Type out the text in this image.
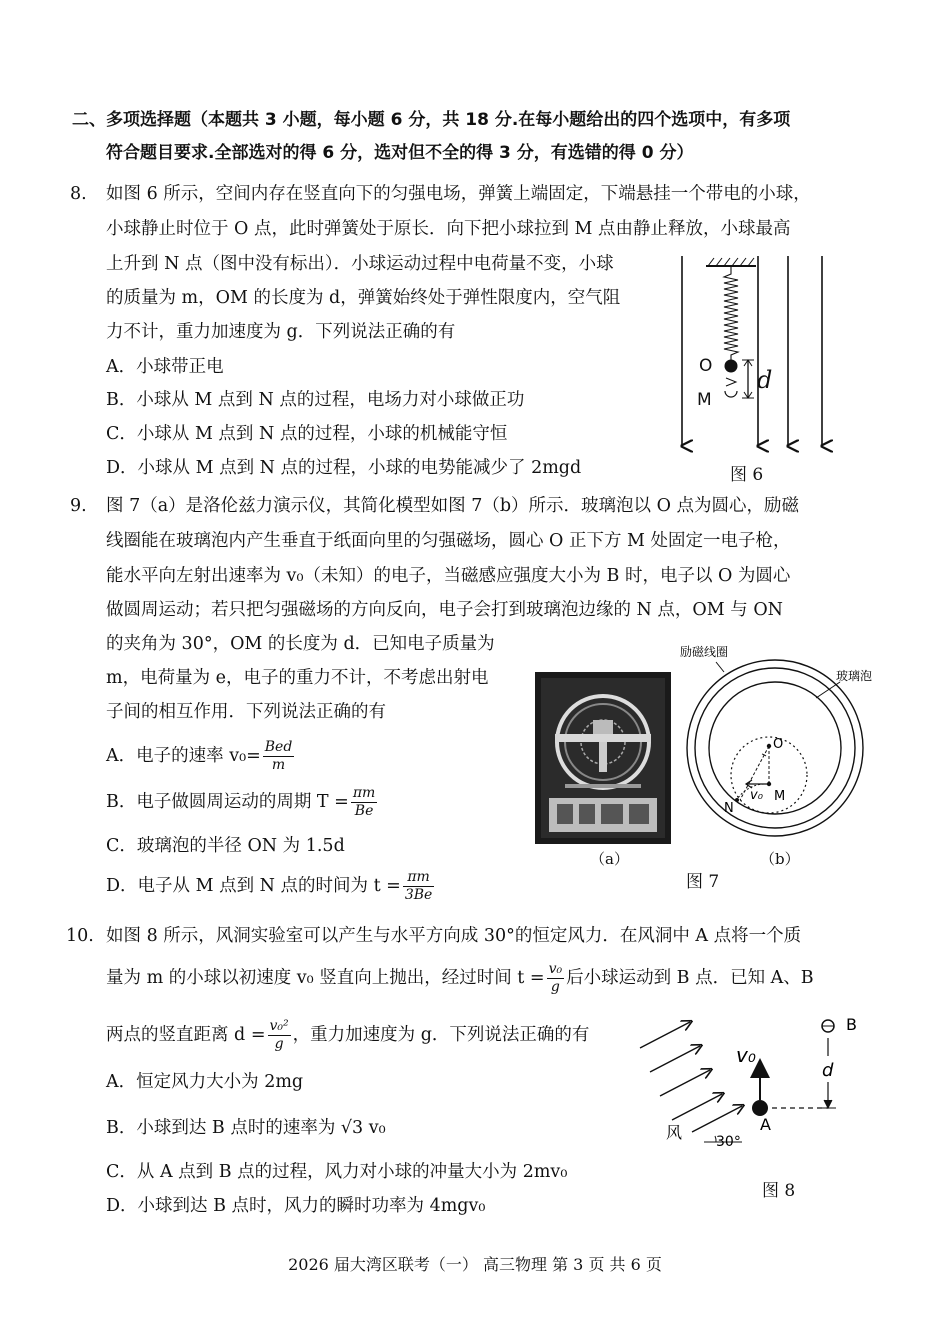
二、多项选择题（本题共 3 小题，每小题 6 分，共 18 分.在每小题给出的四个选项中，有多项
符合题目要求.全部选对的得 6 分，选对但不全的得 3 分，有选错的得 0 分）
8. 如图 6 所示，空间内存在竖直向下的匀强电场，弹簧上端固定，下端悬挂一个带电的小球，
小球静止时位于 O 点，此时弹簧处于原长．向下把小球拉到 M 点由静止释放，小球最高
上升到 N 点（图中没有标出）．小球运动过程中电荷量不变，小球
的质量为 m，OM 的长度为 d，弹簧始终处于弹性限度内，空气阻
力不计，重力加速度为 g．下列说法正确的有
A．小球带正电
B．小球从 M 点到 N 点的过程，电场力对小球做正功
C．小球从 M 点到 N 点的过程，小球的机械能守恒
D．小球从 M 点到 N 点的过程，小球的电势能减少了 2mgd
O
M
d
图 6
9. 图 7（a）是洛伦兹力演示仪，其简化模型如图 7（b）所示．玻璃泡以 O 点为圆心，励磁
线圈能在玻璃泡内产生垂直于纸面向里的匀强磁场，圆心 O 正下方 M 处固定一电子枪，
能水平向左射出速率为 v₀（未知）的电子，当磁感应强度大小为 B 时，电子以 O 为圆心
做圆周运动；若只把匀强磁场的方向反向，电子会打到玻璃泡边缘的 N 点，OM 与 ON
的夹角为 30°，OM 的长度为 d．已知电子质量为
m，电荷量为 e，电子的重力不计，不考虑出射电
子间的相互作用．下列说法正确的有
A．电子的速率 $v_0= \frac{\text{Bed}}{m}$
B．电子做圆周运动的周期 $T = \frac{\pi m}{Be}$
C．玻璃泡的半径 ON 为 1.5d
D．电子从 M 点到 N 点的时间为 $t = \frac{\pi m}{3Be}$
（a）
O
M
N
v₀
励磁线圈
玻璃泡
（b）
图 7
10. 如图 8 所示，风洞实验室可以产生与水平方向成 30°的恒定风力．在风洞中 A 点将一个质
量为 m 的小球以初速度 v₀ 竖直向上抛出，经过时间 $t = \frac{\text{v₀}}{g}$ 后小球运动到 B 点．已知 A、B
两点的竖直距离 $d = \frac{\text{v₀²}}{g}$ ，重力加速度为 g．下列说法正确的有
A．恒定风力大小为 2mg
B．小球到达 B 点时的速率为 √3 v₀
C．从 A 点到 B 点的过程，风力对小球的冲量大小为 2mv₀
D．小球到达 B 点时，风力的瞬时功率为 4mgv₀
v₀
d
B
A
风 30°
图 8
2026 届大湾区联考（一） 高三物理 第 3 页 共 6 页
